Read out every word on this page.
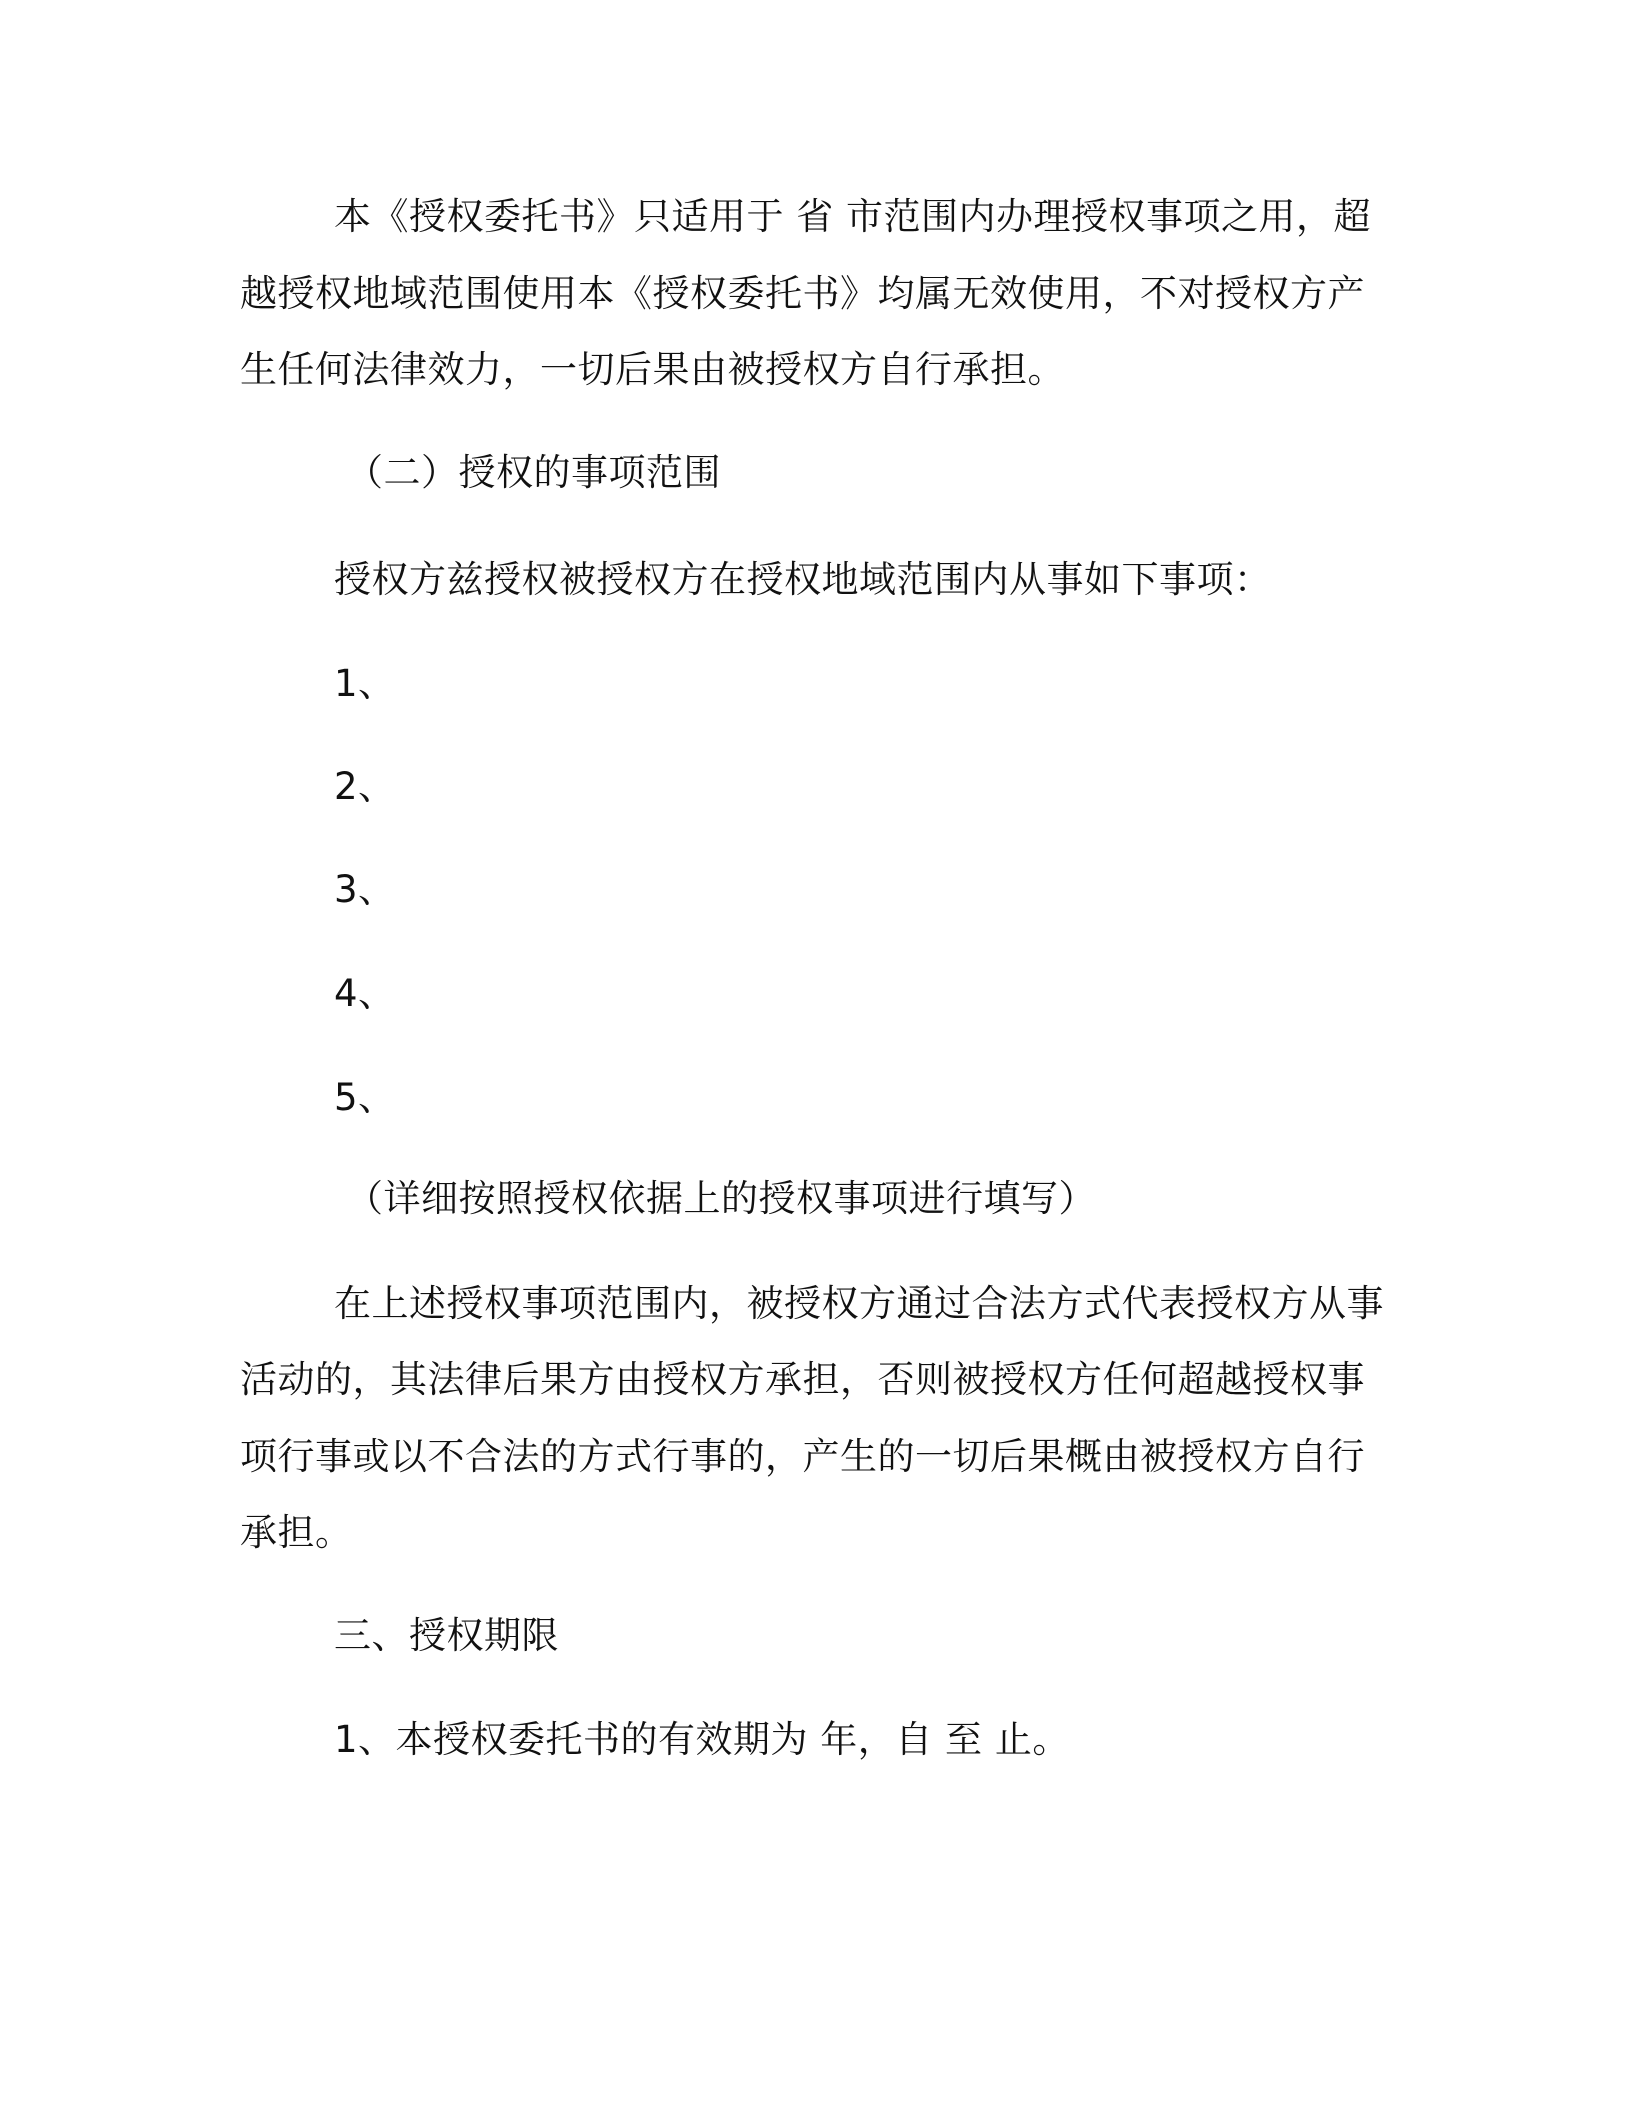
本《授权委托书》只适用于 省 市范围内办理授权事项之用，超
越授权地域范围使用本《授权委托书》均属无效使用，不对授权方产
生任何法律效力，一切后果由被授权方自行承担。
（二）授权的事项范围
授权方兹授权被授权方在授权地域范围内从事如下事项：
1、
2、
3、
4、
5、
（详细按照授权依据上的授权事项进行填写）
在上述授权事项范围内，被授权方通过合法方式代表授权方从事
活动的，其法律后果方由授权方承担，否则被授权方任何超越授权事
项行事或以不合法的方式行事的，产生的一切后果概由被授权方自行
承担。
三、授权期限
1、本授权委托书的有效期为 年，自 至 止。
